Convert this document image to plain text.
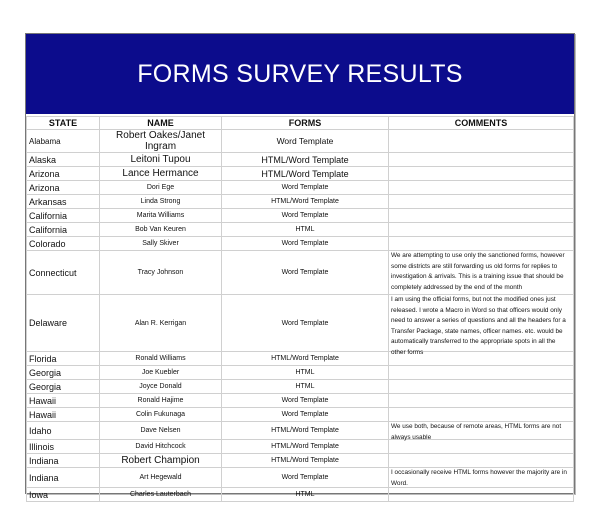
FORMS SURVEY RESULTS
STATE	NAME	FORMS	COMMENTS
Alabama	Robert Oakes/Janet Ingram	Word Template	
Alaska	Leitoni Tupou	HTML/Word Template	
Arizona	Lance Hermance	HTML/Word Template	
Arizona	Dori Ege	Word Template	
Arkansas	Linda Strong	HTML/Word Template	
California	Marita Williams	Word Template	
California	Bob Van Keuren	HTML	
Colorado	Sally Skiver	Word Template	
Connecticut	Tracy Johnson	Word Template	We are attempting to use only the sanctioned forms, however some districts are still forwarding us old forms for replies to investigation & arrivals. This is a training issue that should be completely addressed by the end of the month

Delaware	Alan R. Kerrigan	Word Template	I am using the official forms, but not the modified ones just released. I wrote a Macro in Word so that officers would only need to answer a series of questions and all the headers for a Transfer Package, state names, officer names. etc. would be automatically transferred to the appropriate spots in all the other forms

Florida	Ronald Williams	HTML/Word Template	
Georgia	Joe Kuebler	HTML	
Georgia	Joyce Donald	HTML	
Hawaii	Ronald Hajime	Word Template	
Hawaii	Colin Fukunaga	Word Template	
Idaho	Dave Nelsen	HTML/Word Template	We use both, because of remote areas, HTML forms are not always usable

Illinois	David Hitchcock	HTML/Word Template	
Indiana	Robert Champion	HTML/Word Template	
Indiana	Art Hegewald	Word Template	I occasionally receive HTML forms however the majority are in Word.

Iowa	Charles Lauterbach	HTML	
